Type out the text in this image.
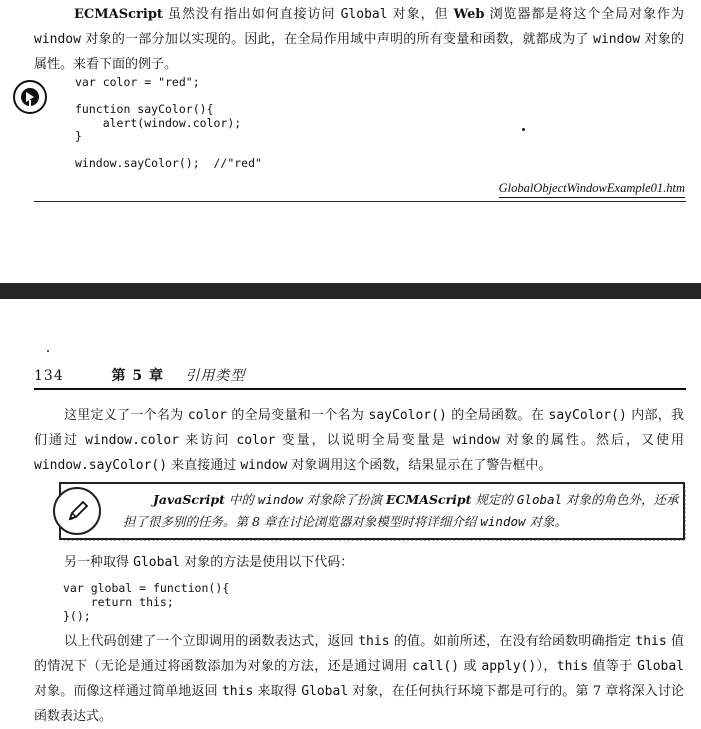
ECMAScript 虽然没有指出如何直接访问 Global 对象，但 Web 浏览器都是将这个全局对象作为 window 对象的一部分加以实现的。因此，在全局作用域中声明的所有变量和函数，就都成为了 window 对象的属性。来看下面的例子。
var color = "red";

function sayColor(){
alert(window.color);
}

window.sayColor();  //"red"
GlobalObjectWindowExample01.htm
134	第 5 章 引用类型
这里定义了一个名为 color 的全局变量和一个名为 sayColor() 的全局函数。在 sayColor() 内部，我们通过 window.color 来访问 color 变量，以说明全局变量是 window 对象的属性。然后，又使用 window.sayColor() 来直接通过 window 对象调用这个函数，结果显示在了警告框中。
JavaScript 中的 window 对象除了扮演 ECMAScript 规定的 Global 对象的角色外，还承担了很多别的任务。第 8 章在讨论浏览器对象模型时将详细介绍 window 对象。
另一种取得 Global 对象的方法是使用以下代码：
var global = function(){
return this;
}();
以上代码创建了一个立即调用的函数表达式，返回 this 的值。如前所述，在没有给函数明确指定 this 值的情况下（无论是通过将函数添加为对象的方法，还是通过调用 call() 或 apply()），this 值等于 Global 对象。而像这样通过简单地返回 this 来取得 Global 对象，在任何执行环境下都是可行的。第 7 章将深入讨论函数表达式。
